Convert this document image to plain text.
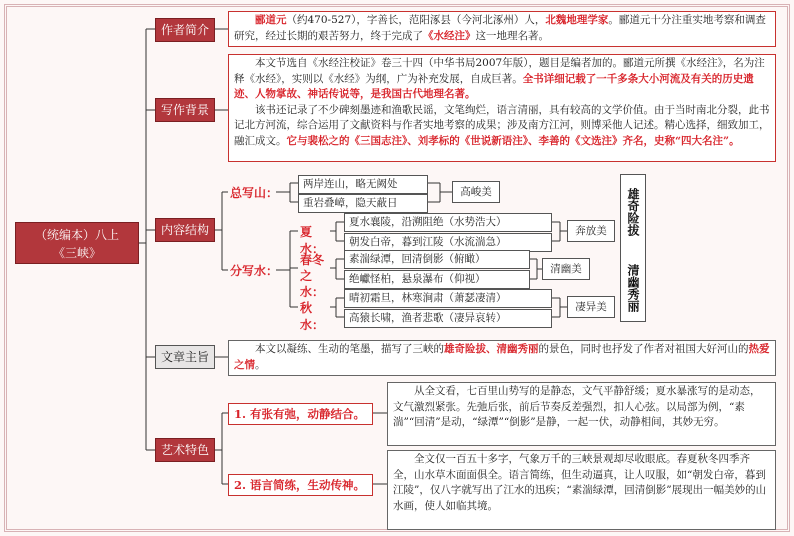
（统编本）八上
《三峡》
作者简介
写作背景
内容结构
文章主旨
艺术特色
郦道元（约470-527），字善长，范阳涿县（今河北涿州）人，北魏地理学家。郦道元十分注重实地考察和调查研究，经过长期的艰苦努力，终于完成了《水经注》这一地理名著。
本文节选自《水经注校证》卷三十四（中华书局2007年版），题目是编者加的。郦道元所撰《水经注》，名为注释《水经》，实则以《水经》为纲，广为补充发展，自成巨著。全书详细记载了一千多条大小河流及有关的历史遗迹、人物掌故、神话传说等，是我国古代地理名著。
该书还记录了不少碑刻墨迹和渔歌民谣，文笔绚烂，语言清丽，具有较高的文学价值。由于当时南北分裂，此书记北方河流，综合运用了文献资料与作者实地考察的成果；涉及南方江河，则博采他人记述。精心选择，细致加工，融汇成文。它与裴松之的《三国志注》、刘孝标的《世说新语注》、李善的《文选注》齐名，史称“四大名注”。
总写山：
两岸连山，略无阙处
重岩叠嶂，隐天蔽日
高峻美
分写水：
夏水：
夏水襄陵，沿溯阻绝（水势浩大）
朝发白帝，暮到江陵（水流湍急）
奔放美
春冬
之水：
素湍绿潭，回清倒影（俯瞰）
绝巘怪柏，悬泉瀑布（仰视）
清幽美
秋水：
晴初霜旦，林寒涧肃（萧瑟凄清）
高猿长啸，渔者悲歌（凄异哀转）
凄异美
雄奇险拔
清幽秀丽
本文以凝练、生动的笔墨，描写了三峡的雄奇险拔、清幽秀丽的景色，同时也抒发了作者对祖国大好河山的热爱之情。
1. 有张有弛，动静结合。
从全文看，七百里山势写的是静态，文气平静舒缓；夏水暴涨写的是动态，文气激烈紧张。先弛后张，前后节奏反差强烈，扣人心弦。以局部为例，“素湍”“回清”是动，“绿潭”“倒影”是静，一起一伏，动静相间，其妙无穷。
2. 语言简练，生动传神。
全文仅一百五十多字，气象万千的三峡景观却尽收眼底。春夏秋冬四季齐全，山水草木面面俱全。语言简练，但生动逼真，让人叹服，如“朝发白帝，暮到江陵”，仅八字就写出了江水的迅疾；“素湍绿潭，回清倒影”展现出一幅美妙的山水画，使人如临其境。
